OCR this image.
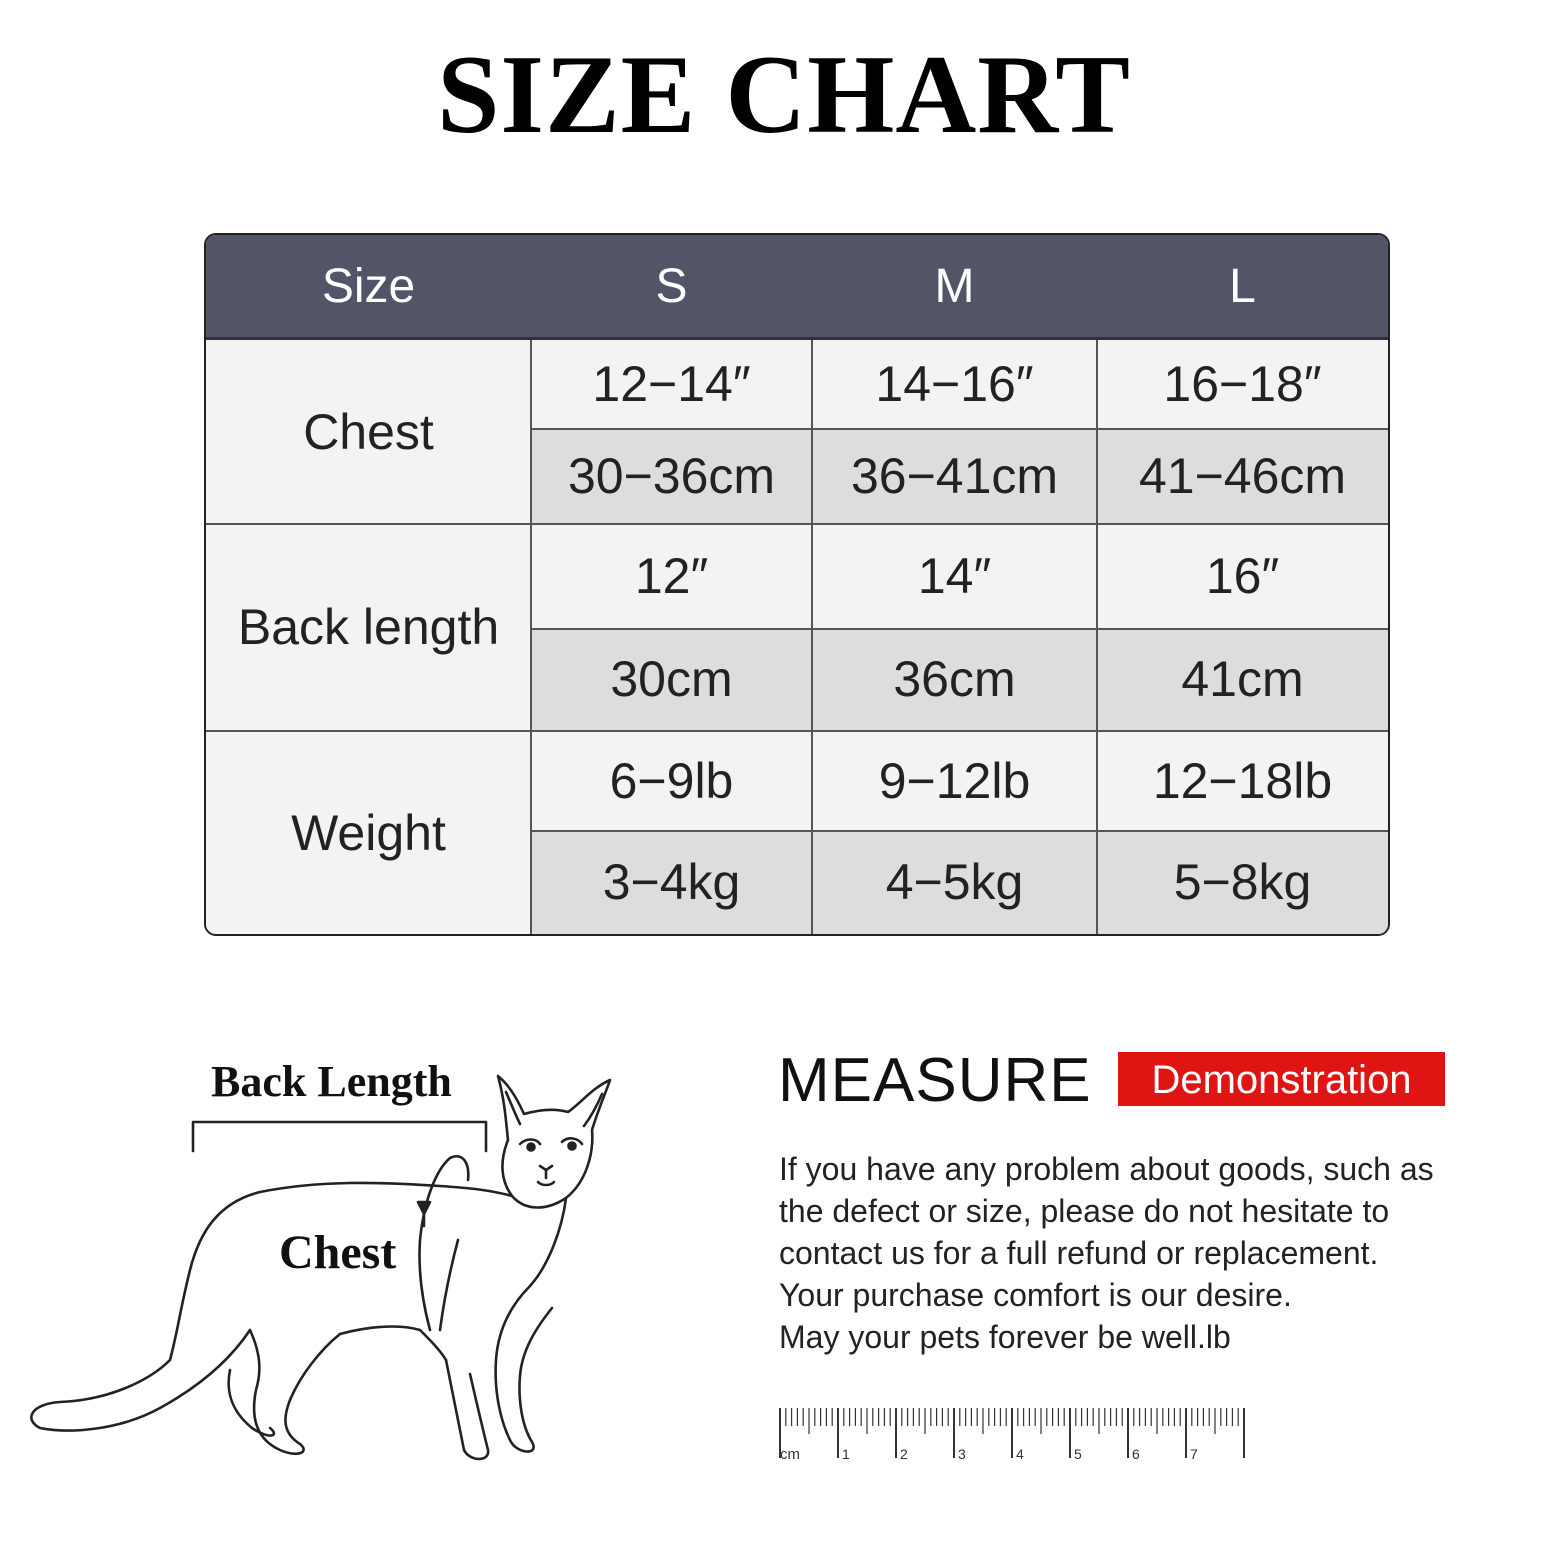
SIZE CHART
Size	S	M	L
Chest
12−14″	14−16″	16−18″
30−36cm	36−41cm	41−46cm
Back length
12″	14″	16″
30cm	36cm	41cm
Weight
6−9lb	9−12lb	12−18lb
3−4kg	4−5kg	5−8kg
Back Length
Chest
MEASURE	Demonstration
If you have any problem about goods, such as
the defect or size, please do not hesitate to
contact us for a full refund or replacement.
Your purchase comfort is our desire.
May your pets forever be well.lb
cm	1	2	3	4	5	6	7
